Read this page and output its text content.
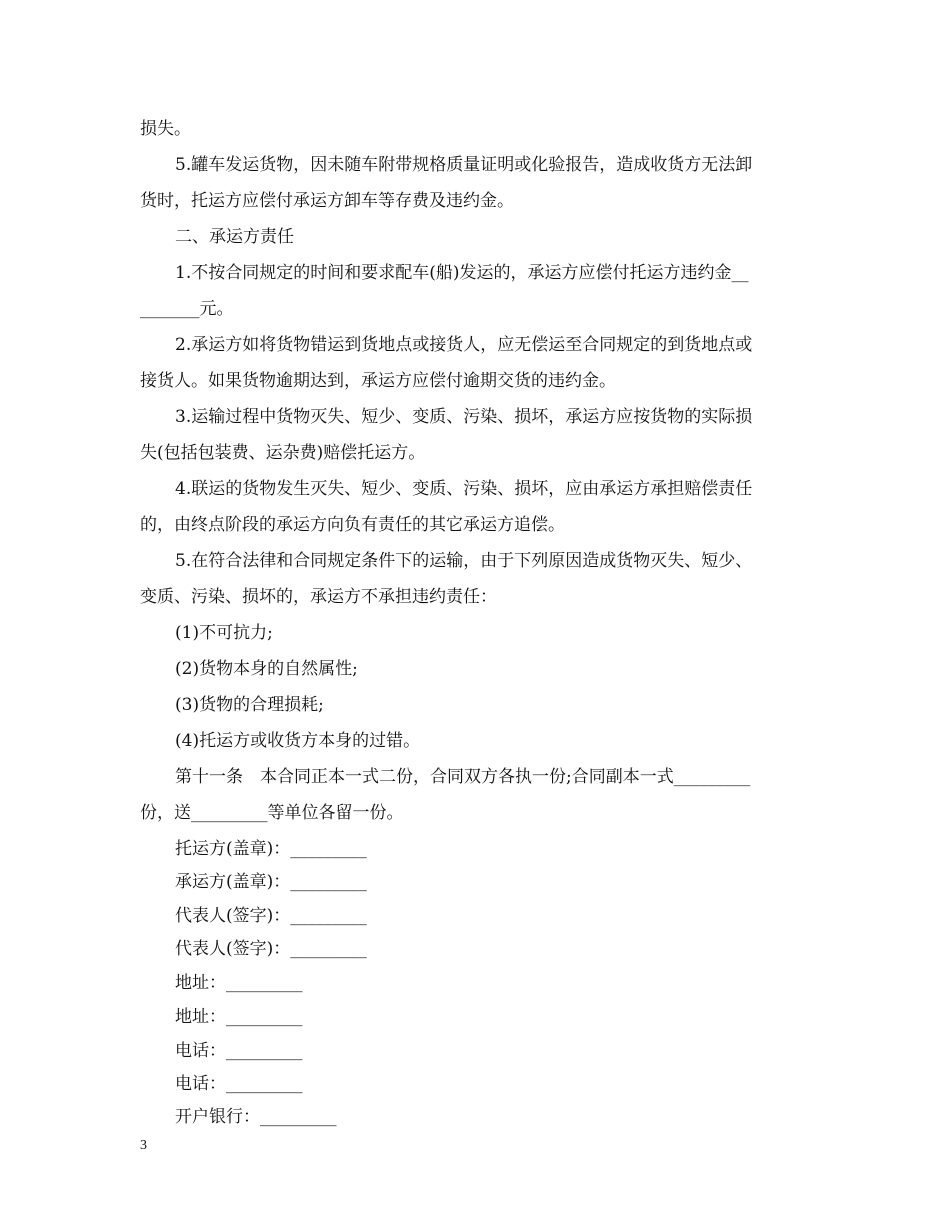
损失。
5.罐车发运货物，因未随车附带规格质量证明或化验报告，造成收货方无法卸
货时，托运方应偿付承运方卸车等存费及违约金。
二、承运方责任
1.不按合同规定的时间和要求配车(船)发运的，承运方应偿付托运方违约金__
_______元。
2.承运方如将货物错运到货地点或接货人，应无偿运至合同规定的到货地点或
接货人。如果货物逾期达到，承运方应偿付逾期交货的违约金。
3.运输过程中货物灭失、短少、变质、污染、损坏，承运方应按货物的实际损
失(包括包装费、运杂费)赔偿托运方。
4.联运的货物发生灭失、短少、变质、污染、损坏，应由承运方承担赔偿责任
的，由终点阶段的承运方向负有责任的其它承运方追偿。
5.在符合法律和合同规定条件下的运输，由于下列原因造成货物灭失、短少、
变质、污染、损坏的，承运方不承担违约责任：
(1)不可抗力;
(2)货物本身的自然属性;
(3)货物的合理损耗;
(4)托运方或收货方本身的过错。
第十一条　本合同正本一式二份，合同双方各执一份;合同副本一式_________
份，送_________等单位各留一份。
托运方(盖章)：_________
承运方(盖章)：_________
代表人(签字)：_________
代表人(签字)：_________
地址：_________
地址：_________
电话：_________
电话：_________
开户银行：_________
3
